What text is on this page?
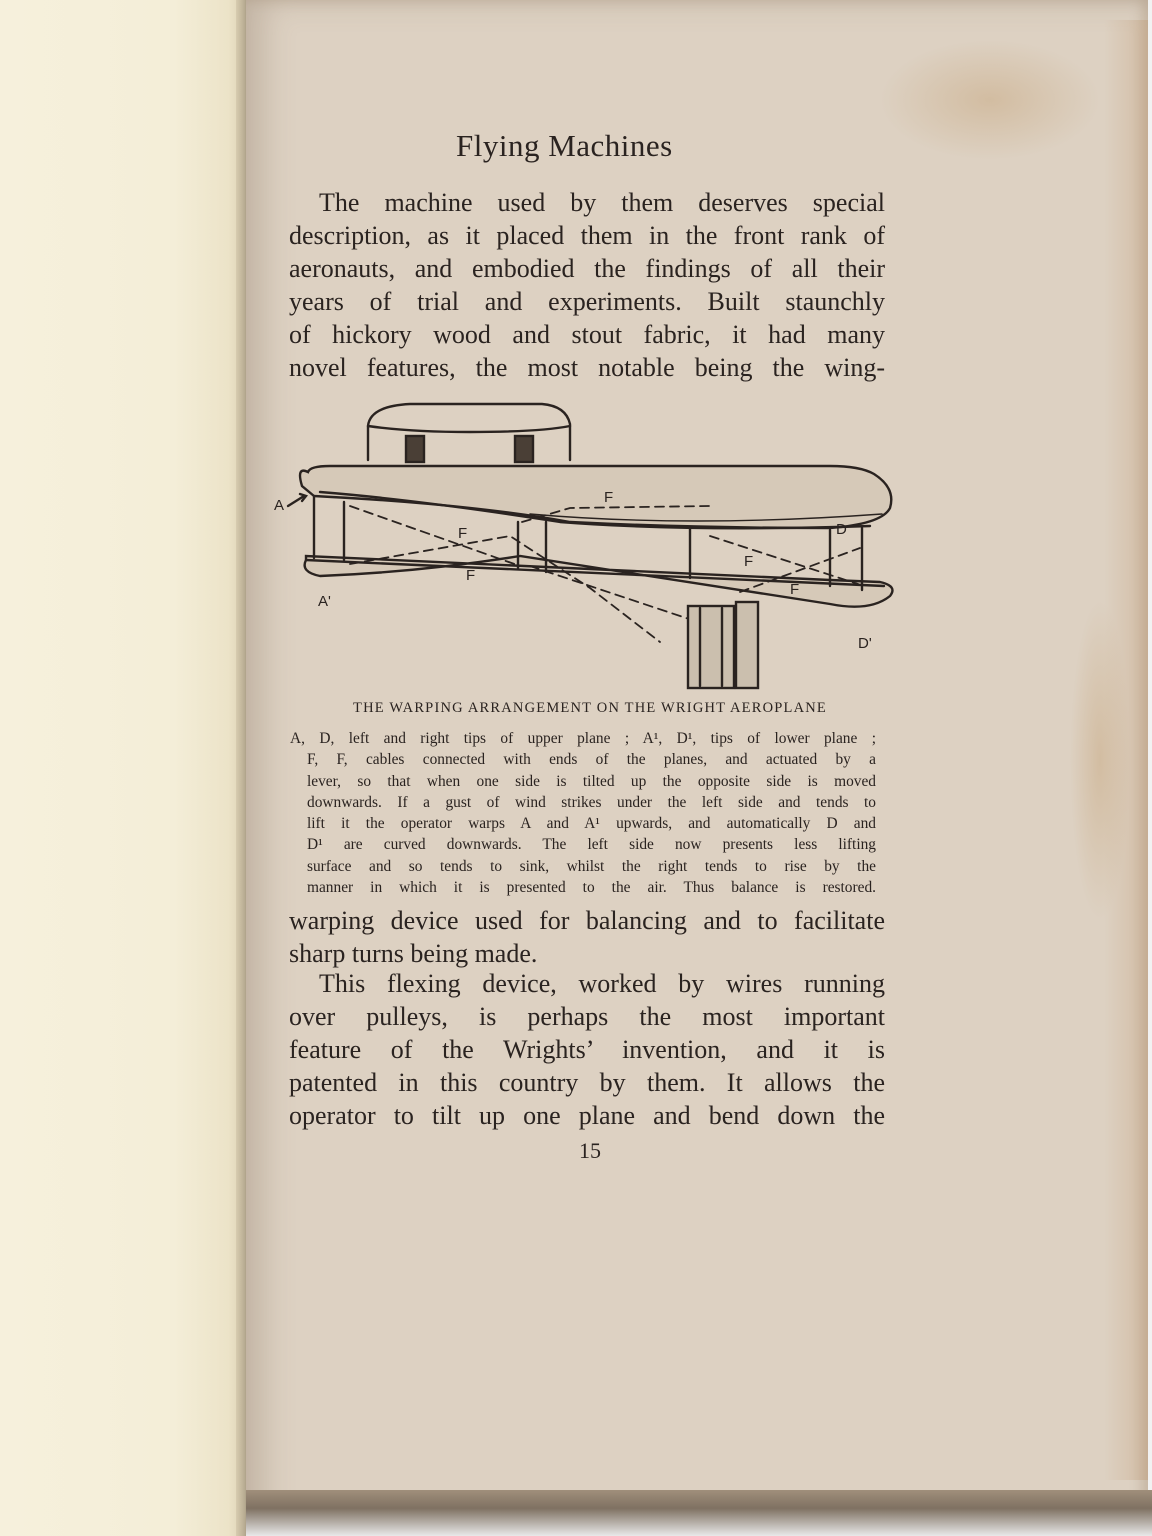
Flying Machines
The machine used by them deserves special
description, as it placed them in the front rank of
aeronauts, and embodied the findings of all their
years of trial and experiments. Built staunchly
of hickory wood and stout fabric, it had many
novel features, the most notable being the wing-
A
A'
D
D'
F
F
F
F
F
THE WARPING ARRANGEMENT ON THE WRIGHT AEROPLANE
A, D, left and right tips of upper plane ; A¹, D¹, tips of lower plane ;
F, F, cables connected with ends of the planes, and actuated by a
lever, so that when one side is tilted up the opposite side is moved
downwards. If a gust of wind strikes under the left side and tends to
lift it the operator warps A and A¹ upwards, and automatically D and
D¹ are curved downwards. The left side now presents less lifting
surface and so tends to sink, whilst the right tends to rise by the
manner in which it is presented to the air. Thus balance is restored.
warping device used for balancing and to facilitate
sharp turns being made.
This flexing device, worked by wires running
over pulleys, is perhaps the most important
feature of the Wrights’ invention, and it is
patented in this country by them. It allows the
operator to tilt up one plane and bend down the
15
